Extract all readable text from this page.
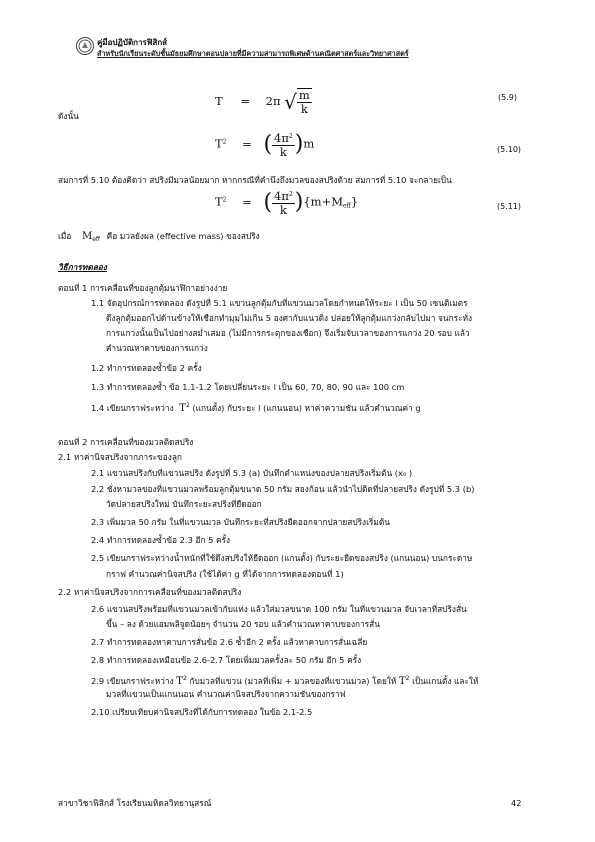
คู่มือปฏิบัติการฟิสิกส์
สำหรับนักเรียนระดับชั้นมัธยมศึกษาตอนปลายที่มีความสามารถพิเศษด้านคณิตศาสตร์และวิทยาศาสตร์
T = 2π √ $\frac{m}{k}$	(5.9)
ดังนั้น
$T^2$ = ( $\frac{4\pi^2}{k} )m$	(5.10)
สมการที่ 5.10 ต้องคิดว่า สปริงมีมวลน้อยมาก หากกรณีที่คำนึงถึงมวลของสปริงด้วย สมการที่ 5.10 จะกลายเป็น
$T^2$ = ( $\frac{4\pi^2}{k} )\{m+M_{eff}\}$	(5.11)
เมื่อ $M_{eff}$ คือ มวลยังผล (effective mass) ของสปริง
วิธีการทดลอง
ตอนที่ 1 การเคลื่อนที่ของลูกตุ้มนาฬิกาอย่างง่าย
1.1 จัดอุปกรณ์การทดลอง ดังรูปที่ 5.1 แขวนลูกตุ้มกับที่แขวนมวลโดยกำหนดให้ระยะ l เป็น 50 เซนติเมตร
ดึงลูกตุ้มออกไปด้านข้างให้เชือกทำมุมไม่เกิน 5 องศากับแนวดิ่ง ปล่อยให้ลูกตุ้มแกว่งกลับไปมา จนกระทั่ง
การแกว่งนั้นเป็นไปอย่างสม่ำเสมอ (ไม่มีการกระตุกของเชือก) จึงเริ่มจับเวลาของการแกว่ง 20 รอบ แล้ว
คำนวณหาคาบของการแกว่ง
1.2 ทำการทดลองซ้ำข้อ 2 ครั้ง
1.3 ทำการทดลองซ้ำ ข้อ 1.1-1.2 โดยเปลี่ยนระยะ l เป็น 60, 70, 80, 90 และ 100 cm
1.4 เขียนกราฟระหว่าง $T^2$ (แกนตั้ง) กับระยะ l (แกนนอน) หาค่าความชัน แล้วคำนวณค่า g
ตอนที่ 2 การเคลื่อนที่ของมวลติดสปริง
2.1 หาค่านิจสปริงจากภาระของลูก
2.1 แขวนสปริงกับที่แขวนสปริง ดังรูปที่ 5.3 (a) บันทึกตำแหน่งของปลายสปริงเริ่มต้น (x₀ )
2.2 ชั่งหามวลของที่แขวนมวลพร้อมลูกตุ้มขนาด 50 กรัม สองก้อน แล้วนำไปติดที่ปลายสปริง ดังรูปที่ 5.3 (b)
วัดปลายสปริงใหม่ บันทึกระยะสปริงที่ยืดออก
2.3 เพิ่มมวล 50 กรัม ในที่แขวนมวล บันทึกระยะที่สปริงยืดออกจากปลายสปริงเริ่มต้น
2.4 ทำการทดลองซ้ำข้อ 2.3 อีก 5 ครั้ง
2.5 เขียนกราฟระหว่างน้ำหนักที่ใช้ดึงสปริงให้ยืดออก (แกนตั้ง) กับระยะยืดของสปริง (แกนนอน) บนกระดาษ
กราฟ คำนวณค่านิจสปริง (ใช้ได้ค่า g ที่ได้จากการทดลองตอนที่ 1)
2.2 หาค่านิจสปริงจากการเคลื่อนที่ของมวลติดสปริง
2.6 แขวนสปริงพร้อมที่แขวนมวลเข้ากับแท่ง แล้วใส่มวลขนาด 100 กรัม ในที่แขวนมวล จับเวลาที่สปริงสั่น
ขึ้น – ลง ด้วยแอมพลิจูดน้อยๆ จำนวน 20 รอบ แล้วคำนวณหาคาบของการสั่น
2.7 ทำการทดลองหาคาบการสั่นข้อ 2.6 ซ้ำอีก 2 ครั้ง แล้วหาคาบการสั่นเฉลี่ย
2.8 ทำการทดลองเหมือนข้อ 2.6-2.7 โดยเพิ่มมวลครั้งละ 50 กรัม อีก 5 ครั้ง
2.9 เขียนกราฟระหว่าง $T^2$ กับมวลที่แขวน (มวลที่เพิ่ม + มวลของที่แขวนมวล) โดยให้ $T^2$ เป็นแกนตั้ง และให้
มวลที่แขวนเป็นแกนนอน คำนวณค่านิจสปริงจากความชันของกราฟ
2.10 เปรียบเทียบค่านิจสปริงที่ได้กับการทดลอง ในข้อ 2.1-2.5
สาขาวิชาฟิสิกส์ โรงเรียนมหิดลวิทยานุสรณ์	42
